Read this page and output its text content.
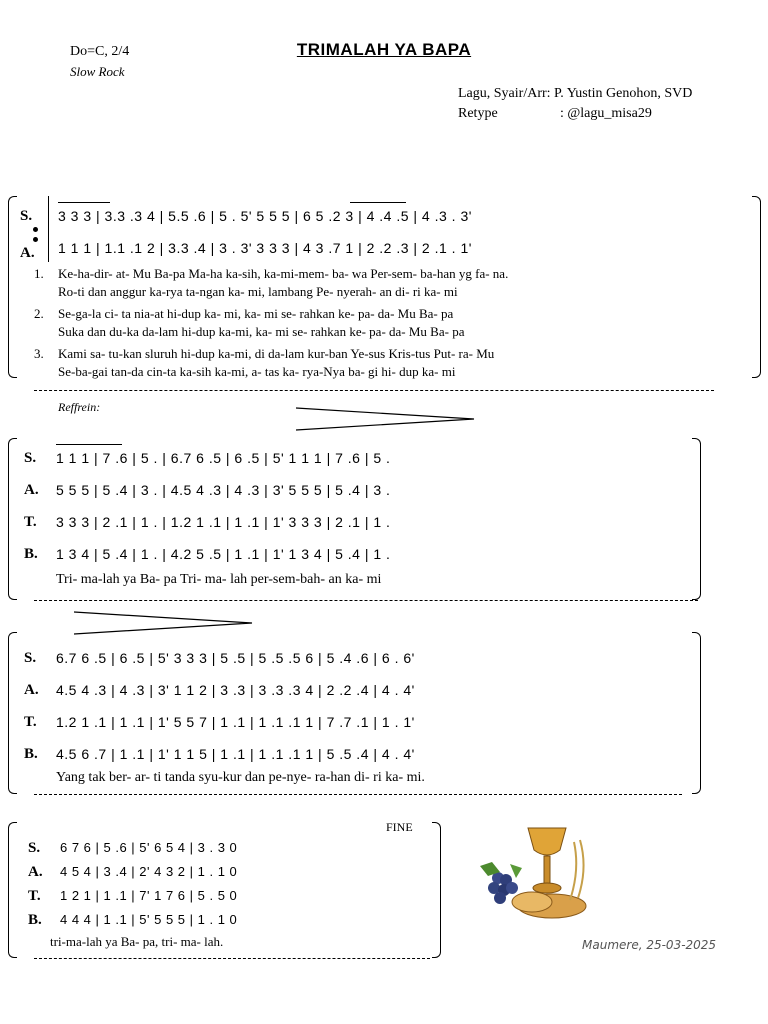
Do=C, 2/4
Slow Rock
TRIMALAH YA BAPA
Lagu, Syair/Arr: P. Yustin Genohon, SVD
Retype	: @lagu_misa29
S.
A.
3 3 3 | 3.3 .3 4 | 5.5 .6 | 5 . 5' 5 5 5 | 6 5 .2 3 | 4 .4 .5 | 4 .3 . 3'
1 1 1 | 1.1 .1 2 | 3.3 .4 | 3 . 3' 3 3 3 | 4 3 .7 1 | 2 .2 .3 | 2 .1 . 1'
1. Ke-ha-dir- at- Mu Ba-pa Ma-ha ka-sih, ka-mi-mem- ba- wa Per-sem- ba-han yg fa- na.
Ro-ti dan anggur ka-rya ta-ngan ka- mi, lambang Pe- nyerah- an di- ri ka- mi
2. Se-ga-la ci- ta nia-at hi-dup ka- mi, ka- mi se- rahkan ke- pa- da- Mu Ba- pa
Suka dan du-ka da-lam hi-dup ka-mi, ka- mi se- rahkan ke- pa- da- Mu Ba- pa
3. Kami sa- tu-kan sluruh hi-dup ka-mi, di da-lam kur-ban Ye-sus Kris-tus Put- ra- Mu
Se-ba-gai tan-da cin-ta ka-sih ka-mi, a- tas ka- rya-Nya ba- gi hi- dup ka- mi
Reffrein:
S.
A.
T.
B.
1 1 1 | 7 .6 | 5 . | 6.7 6 .5 | 6 .5 | 5' 1 1 1 | 7 .6 | 5 .
5 5 5 | 5 .4 | 3 . | 4.5 4 .3 | 4 .3 | 3' 5 5 5 | 5 .4 | 3 .
3 3 3 | 2 .1 | 1 . | 1.2 1 .1 | 1 .1 | 1' 3 3 3 | 2 .1 | 1 .
1 3 4 | 5 .4 | 1 . | 4.2 5 .5 | 1 .1 | 1' 1 3 4 | 5 .4 | 1 .
Tri- ma-lah ya Ba- pa Tri- ma- lah per-sem-bah- an ka- mi
S.
A.
T.
B.
6.7 6 .5 | 6 .5 | 5' 3 3 3 | 5 .5 | 5 .5 .5 6 | 5 .4 .6 | 6 . 6'
4.5 4 .3 | 4 .3 | 3' 1 1 2 | 3 .3 | 3 .3 .3 4 | 2 .2 .4 | 4 . 4'
1.2 1 .1 | 1 .1 | 1' 5 5 7 | 1 .1 | 1 .1 .1 1 | 7 .7 .1 | 1 . 1'
4.5 6 .7 | 1 .1 | 1' 1 1 5 | 1 .1 | 1 .1 .1 1 | 5 .5 .4 | 4 . 4'
Yang tak ber- ar- ti tanda syu-kur dan pe-nye- ra-han di- ri ka- mi.
FINE
S.
A.
T.
B.
6 7 6 | 5 .6 | 5' 6 5 4 | 3 . 3 0
4 5 4 | 3 .4 | 2' 4 3 2 | 1 . 1 0
1 2 1 | 1 .1 | 7' 1 7 6 | 5 . 5 0
4 4 4 | 1 .1 | 5' 5 5 5 | 1 . 1 0
tri-ma-lah ya Ba- pa, tri- ma- lah.	Maumere, 25-03-2025
